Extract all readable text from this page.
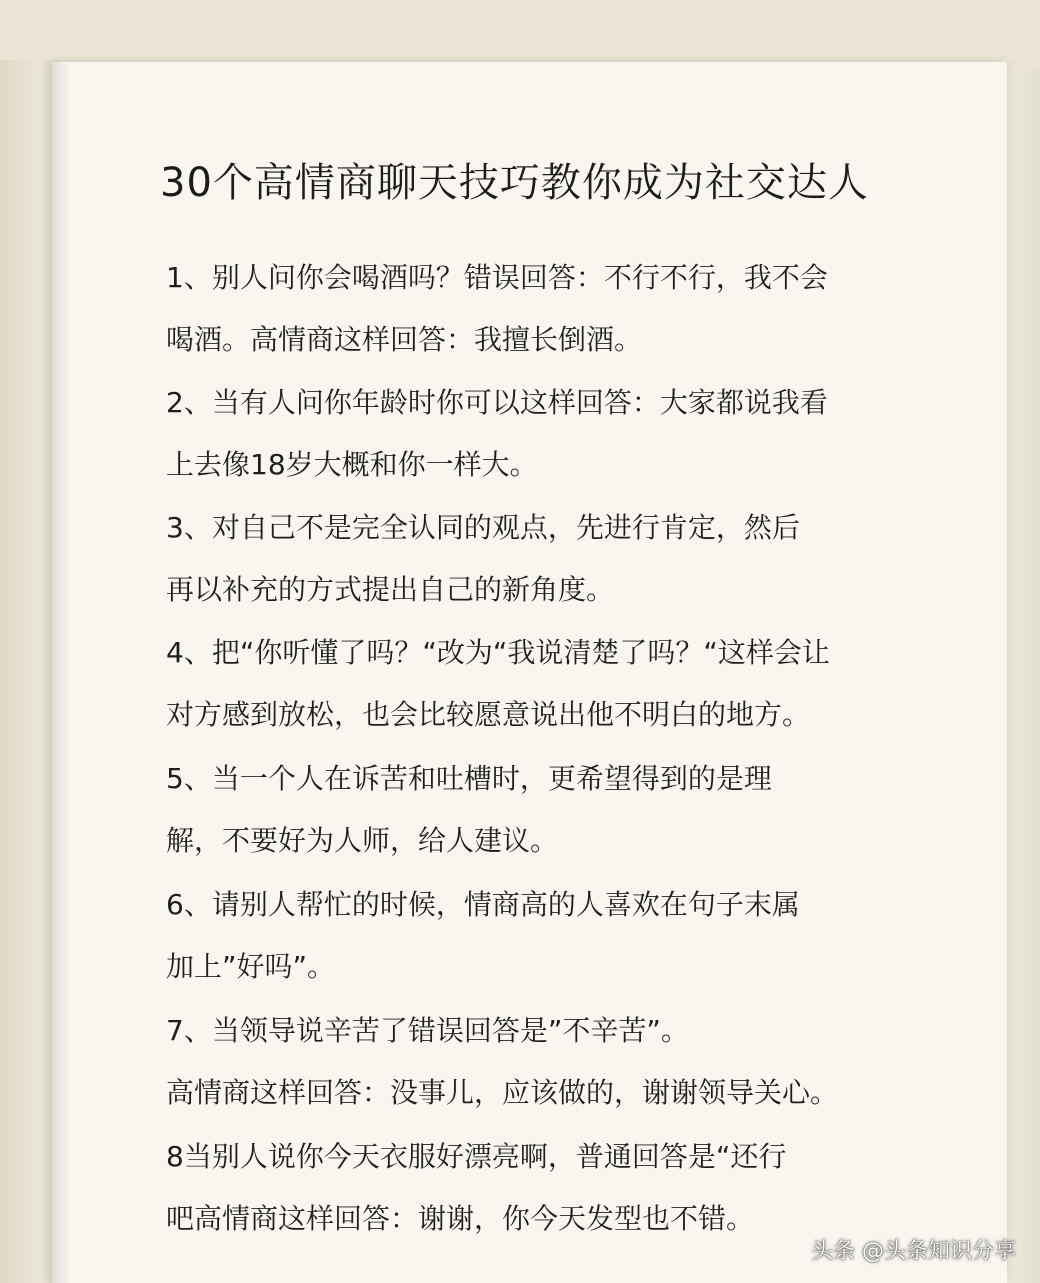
30个高情商聊天技巧教你成为社交达人
1、别人问你会喝酒吗？错误回答：不行不行，我不会
喝酒。高情商这样回答：我擅长倒酒。
2、当有人问你年龄时你可以这样回答：大家都说我看
上去像18岁大概和你一样大。
3、对自己不是完全认同的观点，先进行肯定，然后
再以补充的方式提出自己的新角度。
4、把“你听懂了吗？“改为“我说清楚了吗？“这样会让
对方感到放松，也会比较愿意说出他不明白的地方。
5、当一个人在诉苦和吐槽时，更希望得到的是理
解，不要好为人师，给人建议。
6、请别人帮忙的时候，情商高的人喜欢在句子末属
加上”好吗”。
7、当领导说辛苦了错误回答是”不辛苦”。
高情商这样回答：没事儿，应该做的，谢谢领导关心。
8当别人说你今天衣服好漂亮啊，普通回答是“还行
吧高情商这样回答：谢谢，你今天发型也不错。
头条 @头条知识分享
